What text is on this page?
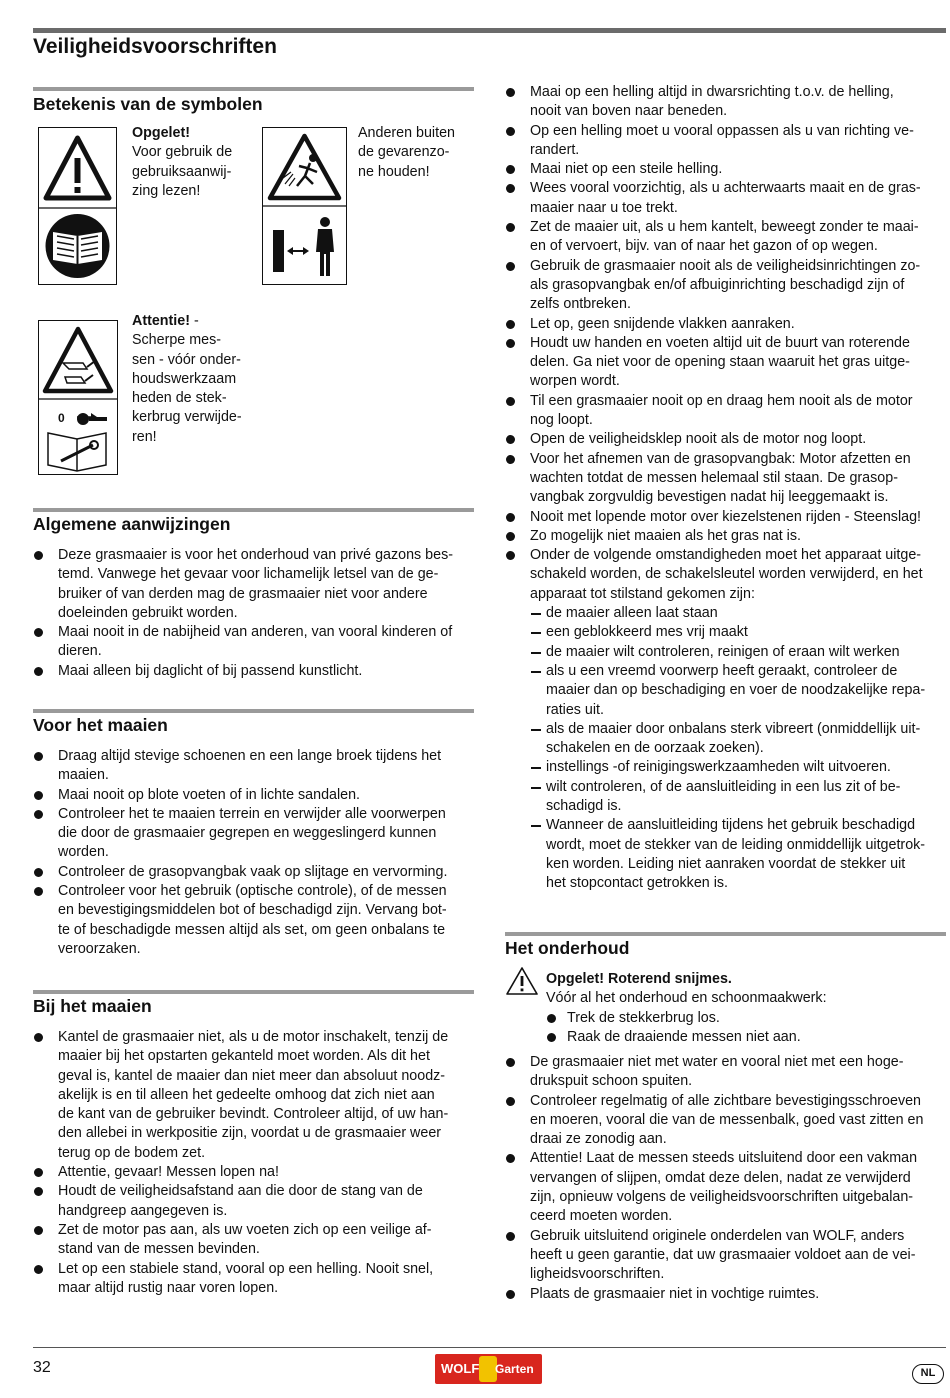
Veiligheidsvoorschriften
Betekenis van de symbolen
Opgelet!
Voor gebruik de
gebruiksaanwij-
zing lezen!
Anderen buiten
de gevarenzo-
ne houden!
0
Attentie! -
Scherpe mes-
sen - vóór onder-
houdswerkzaam
heden de stek-
kerbrug verwijde-
ren!
Algemene aanwijzingen
Deze grasmaaier is voor het onderhoud van privé gazons bes-
temd. Vanwege het gevaar voor lichamelijk letsel van de ge-
bruiker of van derden mag de grasmaaier niet voor andere
doeleinden gebruikt worden.
Maai nooit in de nabijheid van anderen, van vooral kinderen of
dieren.
Maai alleen bij daglicht of bij passend kunstlicht.
Voor het maaien
Draag altijd stevige schoenen en een lange broek tijdens het
maaien.
Maai nooit op blote voeten of in lichte sandalen.
Controleer het te maaien terrein en verwijder alle voorwerpen
die door de grasmaaier gegrepen en weggeslingerd kunnen
worden.
Controleer de grasopvangbak vaak op slijtage en vervorming.
Controleer voor het gebruik (optische controle), of de messen
en bevestigingsmiddelen bot of beschadigd zijn. Vervang bot-
te of beschadigde messen altijd als set, om geen onbalans te
veroorzaken.
Bij het maaien
Kantel de grasmaaier niet, als u de motor inschakelt, tenzij de
maaier bij het opstarten gekanteld moet worden. Als dit het
geval is, kantel de maaier dan niet meer dan absoluut noodz-
akelijk is en til alleen het gedeelte omhoog dat zich niet aan
de kant van de gebruiker bevindt. Controleer altijd, of uw han-
den allebei in werkpositie zijn, voordat u de grasmaaier weer
terug op de bodem zet.
Attentie, gevaar! Messen lopen na!
Houdt de veiligheidsafstand aan die door de stang van de
handgreep aangegeven is.
Zet de motor pas aan, als uw voeten zich op een veilige af-
stand van de messen bevinden.
Let op een stabiele stand, vooral op een helling. Nooit snel,
maar altijd rustig naar voren lopen.
Maai op een helling altijd in dwarsrichting t.o.v. de helling,
nooit van boven naar beneden.
Op een helling moet u vooral oppassen als u van richting ve-
randert.
Maai niet op een steile helling.
Wees vooral voorzichtig, als u achterwaarts maait en de gras-
maaier naar u toe trekt.
Zet de maaier uit, als u hem kantelt, beweegt zonder te maai-
en of vervoert, bijv. van of naar het gazon of op wegen.
Gebruik de grasmaaier nooit als de veiligheidsinrichtingen zo-
als grasopvangbak en/of afbuiginrichting beschadigd zijn of
zelfs ontbreken.
Let op, geen snijdende vlakken aanraken.
Houdt uw handen en voeten altijd uit de buurt van roterende
delen. Ga niet voor de opening staan waaruit het gras uitge-
worpen wordt.
Til een grasmaaier nooit op en draag hem nooit als de motor
nog loopt.
Open de veiligheidsklep nooit als de motor nog loopt.
Voor het afnemen van de grasopvangbak: Motor afzetten en
wachten totdat de messen helemaal stil staan. De grasop-
vangbak zorgvuldig bevestigen nadat hij leeggemaakt is.
Nooit met lopende motor over kiezelstenen rijden - Steenslag!
Zo mogelijk niet maaien als het gras nat is.
Onder de volgende omstandigheden moet het apparaat uitge-
schakeld worden, de schakelsleutel worden verwijderd, en het
apparaat tot stilstand gekomen zijn:
de maaier alleen laat staan
een geblokkeerd mes vrij maakt
de maaier wilt controleren, reinigen of eraan wilt werken
als u een vreemd voorwerp heeft geraakt, controleer de
maaier dan op beschadiging en voer de noodzakelijke repa-
raties uit.
als de maaier door onbalans sterk vibreert (onmiddellijk uit-
schakelen en de oorzaak zoeken).
instellings -of reinigingswerkzaamheden wilt uitvoeren.
wilt controleren, of de aansluitleiding in een lus zit of be-
schadigd is.
Wanneer de aansluitleiding tijdens het gebruik beschadigd
wordt, moet de stekker van de leiding onmiddellijk uitgetrok-
ken worden. Leiding niet aanraken voordat de stekker uit
het stopcontact getrokken is.
Het onderhoud
Opgelet! Roterend snijmes.
Vóór al het onderhoud en schoonmaakwerk:
Trek de stekkerbrug los.
Raak de draaiende messen niet aan.
De grasmaaier niet met water en vooral niet met een hoge-
drukspuit schoon spuiten.
Controleer regelmatig of alle zichtbare bevestigingsschroeven
en moeren, vooral die van de messenbalk, goed vast zitten en
draai ze zonodig aan.
Attentie! Laat de messen steeds uitsluitend door een vakman
vervangen of slijpen, omdat deze delen, nadat ze verwijderd
zijn, opnieuw volgens de veiligheidsvoorschriften uitgebalan-
ceerd moeten worden.
Gebruik uitsluitend originele onderdelen van WOLF, anders
heeft u geen garantie, dat uw grasmaaier voldoet aan de vei-
ligheidsvoorschriften.
Plaats de grasmaaier niet in vochtige ruimtes.
32	WOLF Garten	NL
